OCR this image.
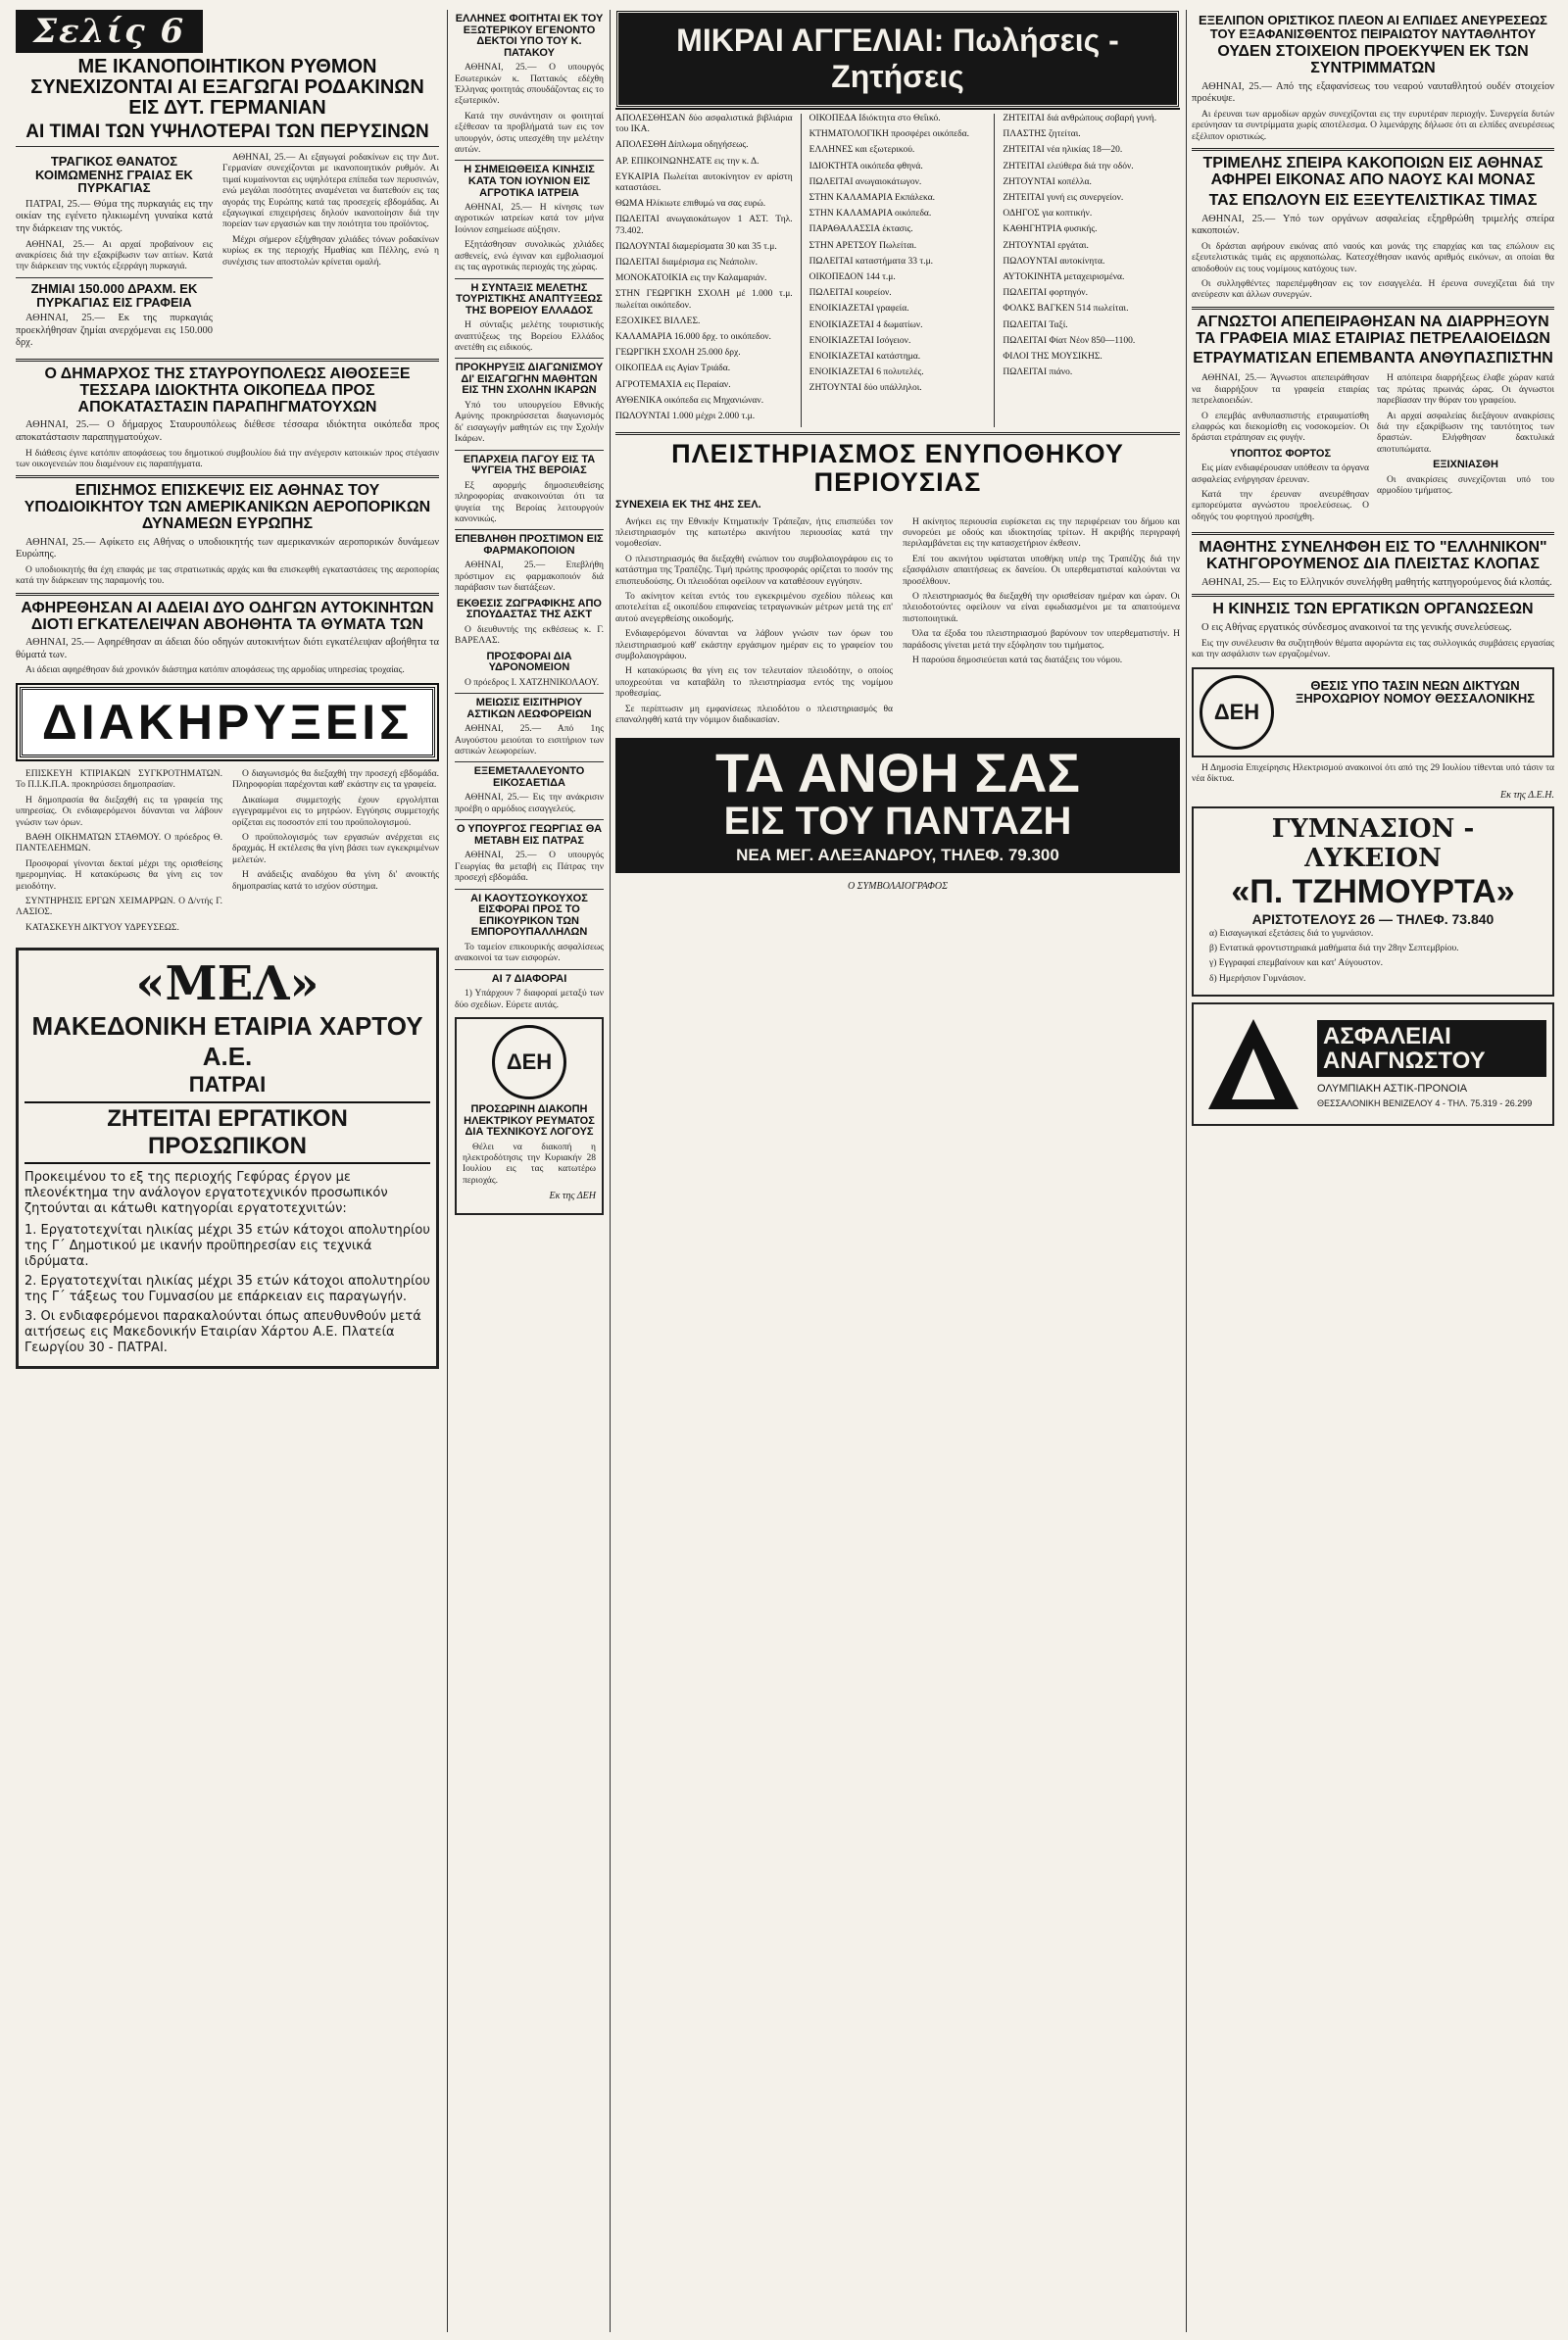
Σελίς 6
ΜΕ ΙΚΑΝΟΠΟΙΗΤΙΚΟΝ ΡΥΘΜΟΝ ΣΥΝΕΧΙΖΟΝΤΑΙ ΑΙ ΕΞΑΓΩΓΑΙ ΡΟΔΑΚΙΝΩΝ ΕΙΣ ΔΥΤ. ΓΕΡΜΑΝΙΑΝ
ΑΙ ΤΙΜΑΙ ΤΩΝ ΥΨΗΛΟΤΕΡΑΙ ΤΩΝ ΠΕΡΥΣΙΝΩΝ
ΤΡΑΓΙΚΟΣ ΘΑΝΑΤΟΣ ΚΟΙΜΩΜΕΝΗΣ ΓΡΑΙΑΣ ΕΚ ΠΥΡΚΑΓΙΑΣ

ΠΑΤΡΑΙ, 25.— Θύμα της πυρκαγιάς εις την οικίαν της εγένετο ηλικιωμένη γυναίκα κατά την διάρκειαν της νυκτός.

ΑΘΗΝΑΙ, 25.— Αι αρχαί προβαίνουν εις ανακρίσεις διά την εξακρίβωσιν των αιτίων. Κατά την διάρκειαν της νυκτός εξερράγη πυρκαγιά.

ΖΗΜΙΑΙ 150.000 ΔΡΑΧΜ. ΕΚ ΠΥΡΚΑΓΙΑΣ ΕΙΣ ΓΡΑΦΕΙΑ

ΑΘΗΝΑΙ, 25.— Εκ της πυρκαγιάς προεκλήθησαν ζημίαι ανερχόμεναι εις 150.000 δρχ.

ΑΘΗΝΑΙ, 25.— Αι εξαγωγαί ροδακίνων εις την Δυτ. Γερμανίαν συνεχίζονται με ικανοποιητικόν ρυθμόν. Αι τιμαί κυμαίνονται εις υψηλότερα επίπεδα των περυσινών, ενώ μεγάλαι ποσότητες αναμένεται να διατεθούν εις τας αγοράς της Ευρώπης κατά τας προσεχείς εβδομάδας. Αι εξαγωγικαί επιχειρήσεις δηλούν ικανοποίησιν διά την πορείαν των εργασιών και την ποιότητα του προϊόντος.

Μέχρι σήμερον εξήχθησαν χιλιάδες τόνων ροδακίνων κυρίως εκ της περιοχής Ημαθίας και Πέλλης, ενώ η συνέχισις των αποστολών κρίνεται ομαλή.

Ο ΔΗΜΑΡΧΟΣ ΤΗΣ ΣΤΑΥΡΟΥΠΟΛΕΩΣ ΑΙΘΟΣΕΞΕ ΤΕΣΣΑΡΑ ΙΔΙΟΚΤΗΤΑ ΟΙΚΟΠΕΔΑ ΠΡΟΣ ΑΠΟΚΑΤΑΣΤΑΣΙΝ ΠΑΡΑΠΗΓΜΑΤΟΥΧΩΝ

ΑΘΗΝΑΙ, 25.— Ο δήμαρχος Σταυρουπόλεως διέθεσε τέσσαρα ιδιόκτητα οικόπεδα προς αποκατάστασιν παραπηγματούχων.

Η διάθεσις έγινε κατόπιν αποφάσεως του δημοτικού συμβουλίου διά την ανέγερσιν κατοικιών προς στέγασιν των οικογενειών που διαμένουν εις παραπήγματα.

ΕΠΙΣΗΜΟΣ ΕΠΙΣΚΕΨΙΣ ΕΙΣ ΑΘΗΝΑΣ ΤΟΥ ΥΠΟΔΙΟΙΚΗΤΟΥ ΤΩΝ ΑΜΕΡΙΚΑΝΙΚΩΝ ΑΕΡΟΠΟΡΙΚΩΝ ΔΥΝΑΜΕΩΝ ΕΥΡΩΠΗΣ

ΑΘΗΝΑΙ, 25.— Αφίκετο εις Αθήνας ο υποδιοικητής των αμερικανικών αεροπορικών δυνάμεων Ευρώπης.

Ο υποδιοικητής θα έχη επαφάς με τας στρατιωτικάς αρχάς και θα επισκεφθή εγκαταστάσεις της αεροπορίας κατά την διάρκειαν της παραμονής του.

ΑΦΗΡΕΘΗΣΑΝ ΑΙ ΑΔΕΙΑΙ ΔΥΟ ΟΔΗΓΩΝ ΑΥΤΟΚΙΝΗΤΩΝ ΔΙΟΤΙ ΕΓΚΑΤΕΛΕΙΨΑΝ ΑΒΟΗΘΗΤΑ ΤΑ ΘΥΜΑΤΑ ΤΩΝ

ΑΘΗΝΑΙ, 25.— Αφηρέθησαν αι άδειαι δύο οδηγών αυτοκινήτων διότι εγκατέλειψαν αβοήθητα τα θύματά των.

Αι άδειαι αφηρέθησαν διά χρονικόν διάστημα κατόπιν αποφάσεως της αρμοδίας υπηρεσίας τροχαίας.

ΔΙΑΚΗΡΥΞΕΙΣ

ΕΠΙΣΚΕΥΗ ΚΤΙΡΙΑΚΩΝ ΣΥΓΚΡΟΤΗΜΑΤΩΝ. Το Π.Ι.Κ.Π.Α. προκηρύσσει δημοπρασίαν.

Η δημοπρασία θα διεξαχθή εις τα γραφεία της υπηρεσίας. Οι ενδιαφερόμενοι δύνανται να λάβουν γνώσιν των όρων.

ΒΑΘΗ ΟΙΚΗΜΑΤΩΝ ΣΤΑΘΜΟΥ. Ο πρόεδρος Θ. ΠΑΝΤΕΛΕΗΜΩΝ.

Προσφοραί γίνονται δεκταί μέχρι της ορισθείσης ημερομηνίας. Η κατακύρωσις θα γίνη εις τον μειοδότην.

ΣΥΝΤΗΡΗΣΙΣ ΕΡΓΩΝ ΧΕΙΜΑΡΡΩΝ. Ο Δ/ντής Γ. ΛΑΣΙΟΣ.

ΚΑΤΑΣΚΕΥΗ ΔΙΚΤΥΟΥ ΥΔΡΕΥΣΕΩΣ.

Ο διαγωνισμός θα διεξαχθή την προσεχή εβδομάδα. Πληροφορίαι παρέχονται καθ' εκάστην εις τα γραφεία.

Δικαίωμα συμμετοχής έχουν εργολήπται εγγεγραμμένοι εις το μητρώον. Εγγύησις συμμετοχής ορίζεται εις ποσοστόν επί του προϋπολογισμού.

Ο προϋπολογισμός των εργασιών ανέρχεται εις δραχμάς. Η εκτέλεσις θα γίνη βάσει των εγκεκριμένων μελετών.

Η ανάδειξις αναδόχου θα γίνη δι' ανοικτής δημοπρασίας κατά το ισχύον σύστημα.

«ΜΕΛ»
ΜΑΚΕΔΟΝΙΚΗ ΕΤΑΙΡΙΑ ΧΑΡΤΟΥ Α.Ε.
ΠΑΤΡΑΙ
ΖΗΤΕΙΤΑΙ ΕΡΓΑΤΙΚΟΝ ΠΡΟΣΩΠΙΚΟΝ

Προκειμένου το εξ της περιοχής Γεφύρας έργον με πλεονέκτημα την ανάλογον εργατοτεχνικόν προσωπικόν ζητούνται αι κάτωθι κατηγορίαι εργατοτεχνιτών:

1. Εργατοτεχνίται ηλικίας μέχρι 35 ετών κάτοχοι απολυτηρίου της Γ΄ Δημοτικού με ικανήν προϋπηρεσίαν εις τεχνικά ιδρύματα.

2. Εργατοτεχνίται ηλικίας μέχρι 35 ετών κάτοχοι απολυτηρίου της Γ΄ τάξεως του Γυμνασίου με επάρκειαν εις παραγωγήν.

3. Οι ενδιαφερόμενοι παρακαλούνται όπως απευθυνθούν μετά αιτήσεως εις Μακεδονικήν Εταιρίαν Χάρτου Α.Ε. Πλατεία Γεωργίου 30 - ΠΑΤΡΑΙ.

ΕΛΛΗΝΕΣ ΦΟΙΤΗΤΑΙ ΕΚ ΤΟΥ ΕΞΩΤΕΡΙΚΟΥ ΕΓΕΝΟΝΤΟ ΔΕΚΤΟΙ ΥΠΟ ΤΟΥ Κ. ΠΑΤΑΚΟΥ

ΑΘΗΝΑΙ, 25.— Ο υπουργός Εσωτερικών κ. Παττακός εδέχθη Έλληνας φοιτητάς σπουδάζοντας εις το εξωτερικόν.

Κατά την συνάντησιν οι φοιτηταί εξέθεσαν τα προβλήματά των εις τον υπουργόν, όστις υπεσχέθη την μελέτην αυτών.

Η ΣΗΜΕΙΩΘΕΙΣΑ ΚΙΝΗΣΙΣ ΚΑΤΑ ΤΟΝ ΙΟΥΝΙΟΝ ΕΙΣ ΑΓΡΟΤΙΚΑ ΙΑΤΡΕΙΑ

ΑΘΗΝΑΙ, 25.— Η κίνησις των αγροτικών ιατρείων κατά τον μήνα Ιούνιον εσημείωσε αύξησιν.

Εξητάσθησαν συνολικώς χιλιάδες ασθενείς, ενώ έγιναν και εμβολιασμοί εις τας αγροτικάς περιοχάς της χώρας.

Η ΣΥΝΤΑΞΙΣ ΜΕΛΕΤΗΣ ΤΟΥΡΙΣΤΙΚΗΣ ΑΝΑΠΤΥΞΕΩΣ ΤΗΣ ΒΟΡΕΙΟΥ ΕΛΛΑΔΟΣ

Η σύνταξις μελέτης τουριστικής αναπτύξεως της Βορείου Ελλάδος ανετέθη εις ειδικούς.

ΠΡΟΚΗΡΥΞΙΣ ΔΙΑΓΩΝΙΣΜΟΥ ΔΙ' ΕΙΣΑΓΩΓΗΝ ΜΑΘΗΤΩΝ ΕΙΣ ΤΗΝ ΣΧΟΛΗΝ ΙΚΑΡΩΝ

Υπό του υπουργείου Εθνικής Αμύνης προκηρύσσεται διαγωνισμός δι' εισαγωγήν μαθητών εις την Σχολήν Ικάρων.

ΕΠΑΡΧΕΙΑ ΠΑΓΟΥ ΕΙΣ ΤΑ ΨΥΓΕΙΑ ΤΗΣ ΒΕΡΟΙΑΣ

Εξ αφορμής δημοσιευθείσης πληροφορίας ανακοινούται ότι τα ψυγεία της Βεροίας λειτουργούν κανονικώς.

ΕΠΕΒΛΗΘΗ ΠΡΟΣΤΙΜΟΝ ΕΙΣ ΦΑΡΜΑΚΟΠΟΙΟΝ

ΑΘΗΝΑΙ, 25.— Επεβλήθη πρόστιμον εις φαρμακοποιόν διά παράβασιν των διατάξεων.

ΕΚΘΕΣΙΣ ΖΩΓΡΑΦΙΚΗΣ ΑΠΟ ΣΠΟΥΔΑΣΤΑΣ ΤΗΣ ΑΣΚΤ

Ο διευθυντής της εκθέσεως κ. Γ. ΒΑΡΕΛΑΣ.

ΠΡΟΣΦΟΡΑΙ ΔΙΑ ΥΔΡΟΝΟΜΕΙΟΝ

Ο πρόεδρος Ι. ΧΑΤΖΗΝΙΚΟΛΑΟΥ.

ΜΕΙΩΣΙΣ ΕΙΣΙΤΗΡΙΟΥ ΑΣΤΙΚΩΝ ΛΕΩΦΟΡΕΙΩΝ

ΑΘΗΝΑΙ, 25.— Από 1ης Αυγούστου μειούται το εισιτήριον των αστικών λεωφορείων.

ΕΞΕΜΕΤΑΛΛΕΥΟΝΤΟ ΕΙΚΟΣΑΕΤΙΔΑ

ΑΘΗΝΑΙ, 25.— Εις την ανάκρισιν προέβη ο αρμόδιος εισαγγελεύς.

Ο ΥΠΟΥΡΓΟΣ ΓΕΩΡΓΙΑΣ ΘΑ ΜΕΤΑΒΗ ΕΙΣ ΠΑΤΡΑΣ

ΑΘΗΝΑΙ, 25.— Ο υπουργός Γεωργίας θα μεταβή εις Πάτρας την προσεχή εβδομάδα.

ΑΙ ΚΑΟΥΤΣΟΥΚΟΥΧΟΣ ΕΙΣΦΟΡΑΙ ΠΡΟΣ ΤΟ ΕΠΙΚΟΥΡΙΚΟΝ ΤΩΝ ΕΜΠΟΡΟΥΠΑΛΛΗΛΩΝ

Το ταμείον επικουρικής ασφαλίσεως ανακοινοί τα των εισφορών.

ΑΙ 7 ΔΙΑΦΟΡΑΙ

1) Υπάρχουν 7 διαφοραί μεταξύ των δύο σχεδίων. Εύρετε αυτάς.

ΔΕΗ
ΠΡΟΣΩΡΙΝΗ ΔΙΑΚΟΠΗ ΗΛΕΚΤΡΙΚΟΥ ΡΕΥΜΑΤΟΣ ΔΙΑ ΤΕΧΝΙΚΟΥΣ ΛΟΓΟΥΣ

Θέλει να διακοπή η ηλεκτροδότησις την Κυριακήν 28 Ιουλίου εις τας κατωτέρω περιοχάς.

Εκ της ΔΕΗ
ΜΙΚΡΑΙ ΑΓΓΕΛΙΑΙ: Πωλήσεις - Ζητήσεις

ΑΠΟΛΕΣΘΗΣΑΝ δύο ασφαλιστικά βιβλιάρια του ΙΚΑ.

ΑΠΟΛΕΣΘΗ Δίπλωμα οδηγήσεως.

ΑΡ. ΕΠΙΚΟΙΝΩΝΗΣΑΤΕ εις την κ. Δ.

ΕΥΚΑΙΡΙΑ Πωλείται αυτοκίνητον εν αρίστη καταστάσει.

ΘΩΜΑ Ηλίκιωτε επιθυμώ να σας ευρώ.

ΠΩΛΕΙΤΑΙ ανωγαιοκάτωγον 1 ΑΣΤ. Τηλ. 73.402.

ΠΩΛΟΥΝΤΑΙ διαμερίσματα 30 και 35 τ.μ.

ΠΩΛΕΙΤΑΙ διαμέρισμα εις Νεάπολιν.

ΜΟΝΟΚΑΤΟΙΚΙΑ εις την Καλαμαριάν.

ΣΤΗΝ ΓΕΩΡΓΙΚΗ ΣΧΟΛΗ μέ 1.000 τ.μ. πωλείται οικόπεδον.

ΕΞΟΧΙΚΕΣ ΒΙΛΛΕΣ.

ΚΑΛΑΜΑΡΙΑ 16.000 δρχ. το οικόπεδον.

ΓΕΩΡΓΙΚΗ ΣΧΟΛΗ 25.000 δρχ.

ΟΙΚΟΠΕΔΑ εις Αγίαν Τριάδα.

ΑΓΡΟΤΕΜΑΧΙΑ εις Περαίαν.

ΑΥΘΕΝΙΚΑ οικόπεδα εις Μηχανιώναν.

ΠΩΛΟΥΝΤΑΙ 1.000 μέχρι 2.000 τ.μ.

ΟΙΚΟΠΕΔΑ Ιδιόκτητα στο Θεΐικό.

ΚΤΗΜΑΤΟΛΟΓΙΚΗ προσφέρει οικόπεδα.

ΕΛΛΗΝΕΣ και εξωτερικού.

ΙΔΙΟΚΤΗΤΑ οικόπεδα φθηνά.

ΠΩΛΕΙΤΑΙ ανωγαιοκάτωγον.

ΣΤΗΝ ΚΑΛΑΜΑΡΙΑ Εκπάλεκα.

ΣΤΗΝ ΚΑΛΑΜΑΡΙΑ οικόπεδα.

ΠΑΡΑΘΑΛΑΣΣΙΑ έκτασις.

ΣΤΗΝ ΑΡΕΤΣΟΥ Πωλείται.

ΠΩΛΕΙΤΑΙ καταστήματα 33 τ.μ.

ΟΙΚΟΠΕΔΟΝ 144 τ.μ.

ΠΩΛΕΙΤΑΙ κουρείον.

ΕΝΟΙΚΙΑΖΕΤΑΙ γραφεία.

ΕΝΟΙΚΙΑΖΕΤΑΙ 4 δωματίων.

ΕΝΟΙΚΙΑΖΕΤΑΙ Ισόγειον.

ΕΝΟΙΚΙΑΖΕΤΑΙ κατάστημα.

ΕΝΟΙΚΙΑΖΕΤΑΙ 6 πολυτελές.

ΖΗΤΟΥΝΤΑΙ δύο υπάλληλοι.

ΖΗΤΕΙΤΑΙ διά ανθρώπους σοβαρή γυνή.

ΠΛΑΣΤΗΣ ζητείται.

ΖΗΤΕΙΤΑΙ νέα ηλικίας 18—20.

ΖΗΤΕΙΤΑΙ ελεύθερα διά την οδόν.

ΖΗΤΟΥΝΤΑΙ κοπέλλα.

ΖΗΤΕΙΤΑΙ γυνή εις συνεργείον.

ΟΔΗΓΟΣ για κοπτικήν.

ΚΑΘΗΓΗΤΡΙΑ φυσικής.

ΖΗΤΟΥΝΤΑΙ εργάται.

ΠΩΛΟΥΝΤΑΙ αυτοκίνητα.

ΑΥΤΟΚΙΝΗΤΑ μεταχειρισμένα.

ΠΩΛΕΙΤΑΙ φορτηγόν.

ΦΟΛΚΣ ΒΑΓΚΕΝ 514 πωλείται.

ΠΩΛΕΙΤΑΙ Ταξί.

ΠΩΛΕΙΤΑΙ Φίατ Νέον 850—1100.

ΦΙΛΟΙ ΤΗΣ ΜΟΥΣΙΚΗΣ.

ΠΩΛΕΙΤΑΙ πιάνο.

ΠΛΕΙΣΤΗΡΙΑΣΜΟΣ ΕΝΥΠΟΘΗΚΟΥ ΠΕΡΙΟΥΣΙΑΣ
ΣΥΝΕΧΕΙΑ ΕΚ ΤΗΣ 4ΗΣ ΣΕΛ.

Ανήκει εις την Εθνικήν Κτηματικήν Τράπεζαν, ήτις επισπεύδει τον πλειστηριασμόν της κατωτέρω ακινήτου περιουσίας κατά την νομοθεσίαν.

Ο πλειστηριασμός θα διεξαχθή ενώπιον του συμβολαιογράφου εις το κατάστημα της Τραπέζης. Τιμή πρώτης προσφοράς ορίζεται το ποσόν της επισπευδούσης. Οι πλειοδόται οφείλουν να καταθέσουν εγγύησιν.

Το ακίνητον κείται εντός του εγκεκριμένου σχεδίου πόλεως και αποτελείται εξ οικοπέδου επιφανείας τετραγωνικών μέτρων μετά της επ' αυτού ανεγερθείσης οικοδομής.

Ενδιαφερόμενοι δύνανται να λάβουν γνώσιν των όρων του πλειστηριασμού καθ' εκάστην εργάσιμον ημέραν εις το γραφείον του συμβολαιογράφου.

Η κατακύρωσις θα γίνη εις τον τελευταίον πλειοδότην, ο οποίος υποχρεούται να καταβάλη το πλειστηρίασμα εντός της νομίμου προθεσμίας.

Σε περίπτωσιν μη εμφανίσεως πλειοδότου ο πλειστηριασμός θα επαναληφθή κατά την νόμιμον διαδικασίαν.

Η ακίνητος περιουσία ευρίσκεται εις την περιφέρειαν του δήμου και συνορεύει με οδούς και ιδιοκτησίας τρίτων. Η ακριβής περιγραφή περιλαμβάνεται εις την κατασχετήριον έκθεσιν.

Επί του ακινήτου υφίσταται υποθήκη υπέρ της Τραπέζης διά την εξασφάλισιν απαιτήσεως εκ δανείου. Οι υπερθεματισταί καλούνται να προσέλθουν.

Ο πλειστηριασμός θα διεξαχθή την ορισθείσαν ημέραν και ώραν. Οι πλειοδοτούντες οφείλουν να είναι εφωδιασμένοι με τα απαιτούμενα πιστοποιητικά.

Όλα τα έξοδα του πλειστηριασμού βαρύνουν τον υπερθεματιστήν. Η παράδοσις γίνεται μετά την εξόφλησιν του τιμήματος.

Η παρούσα δημοσιεύεται κατά τας διατάξεις του νόμου.

ΤΑ ΑΝΘΗ ΣΑΣ
ΕΙΣ ΤΟΥ ΠΑΝΤΑΖΗ
ΝΕΑ ΜΕΓ. ΑΛΕΞΑΝΔΡΟΥ, ΤΗΛΕΦ. 79.300
Ο ΣΥΜΒΟΛΑΙΟΓΡΑΦΟΣ
ΕΞΕΛΙΠΟΝ ΟΡΙΣΤΙΚΟΣ ΠΛΕΟΝ ΑΙ ΕΛΠΙΔΕΣ ΑΝΕΥΡΕΣΕΩΣ ΤΟΥ ΕΞΑΦΑΝΙΣΘΕΝΤΟΣ ΠΕΙΡΑΙΩΤΟΥ ΝΑΥΤΑΘΛΗΤΟΥ
ΟΥΔΕΝ ΣΤΟΙΧΕΙΟΝ ΠΡΟΕΚΥΨΕΝ ΕΚ ΤΩΝ ΣΥΝΤΡΙΜΜΑΤΩΝ

ΑΘΗΝΑΙ, 25.— Από της εξαφανίσεως του νεαρού ναυταθλητού ουδέν στοιχείον προέκυψε.

Αι έρευναι των αρμοδίων αρχών συνεχίζονται εις την ευρυτέραν περιοχήν. Συνεργεία δυτών ερεύνησαν τα συντρίμματα χωρίς αποτέλεσμα. Ο λιμενάρχης δήλωσε ότι αι ελπίδες ανευρέσεως εξέλιπον οριστικώς.

ΤΡΙΜΕΛΗΣ ΣΠΕΙΡΑ ΚΑΚΟΠΟΙΩΝ ΕΙΣ ΑΘΗΝΑΣ ΑΦΗΡΕΙ ΕΙΚΟΝΑΣ ΑΠΟ ΝΑΟΥΣ ΚΑΙ ΜΟΝΑΣ
ΤΑΣ ΕΠΩΛΟΥΝ ΕΙΣ ΕΞΕΥΤΕΛΙΣΤΙΚΑΣ ΤΙΜΑΣ

ΑΘΗΝΑΙ, 25.— Υπό των οργάνων ασφαλείας εξηρθρώθη τριμελής σπείρα κακοποιών.

Οι δράσται αφήρουν εικόνας από ναούς και μονάς της επαρχίας και τας επώλουν εις εξευτελιστικάς τιμάς εις αρχαιοπώλας. Κατεσχέθησαν ικανός αριθμός εικόνων, αι οποίαι θα αποδοθούν εις τους νομίμους κατόχους των.

Οι συλληφθέντες παρεπέμφθησαν εις τον εισαγγελέα. Η έρευνα συνεχίζεται διά την ανεύρεσιν και άλλων συνεργών.

ΑΓΝΩΣΤΟΙ ΑΠΕΠΕΙΡΑΘΗΣΑΝ ΝΑ ΔΙΑΡΡΗΞΟΥΝ ΤΑ ΓΡΑΦΕΙΑ ΜΙΑΣ ΕΤΑΙΡΙΑΣ ΠΕΤΡΕΛΑΙΟΕΙΔΩΝ
ΕΤΡΑΥΜΑΤΙΣΑΝ ΕΠΕΜΒΑΝΤΑ ΑΝΘΥΠΑΣΠΙΣΤΗΝ

ΑΘΗΝΑΙ, 25.— Άγνωστοι απεπειράθησαν να διαρρήξουν τα γραφεία εταιρίας πετρελαιοειδών.

Ο επεμβάς ανθυπασπιστής ετραυματίσθη ελαφρώς και διεκομίσθη εις νοσοκομείον. Οι δράσται ετράπησαν εις φυγήν.

ΥΠΟΠΤΟΣ ΦΟΡΤΟΣ

Εις μίαν ενδιαφέρουσαν υπόθεσιν τα όργανα ασφαλείας ενήργησαν έρευναν.

Κατά την έρευναν ανευρέθησαν εμπορεύματα αγνώστου προελεύσεως. Ο οδηγός του φορτηγού προσήχθη.

Η απόπειρα διαρρήξεως έλαβε χώραν κατά τας πρώτας πρωινάς ώρας. Οι άγνωστοι παρεβίασαν την θύραν του γραφείου.

Αι αρχαί ασφαλείας διεξάγουν ανακρίσεις διά την εξακρίβωσιν της ταυτότητος των δραστών. Ελήφθησαν δακτυλικά αποτυπώματα.

ΕΞΙΧΝΙΑΣΘΗ

Οι ανακρίσεις συνεχίζονται υπό του αρμοδίου τμήματος.

ΜΑΘΗΤΗΣ ΣΥΝΕΛΗΦΘΗ ΕΙΣ ΤΟ "ΕΛΛΗΝΙΚΟΝ" ΚΑΤΗΓΟΡΟΥΜΕΝΟΣ ΔΙΑ ΠΛΕΙΣΤΑΣ ΚΛΟΠΑΣ

ΑΘΗΝΑΙ, 25.— Εις το Ελληνικόν συνελήφθη μαθητής κατηγορούμενος διά κλοπάς.

Η ΚΙΝΗΣΙΣ ΤΩΝ ΕΡΓΑΤΙΚΩΝ ΟΡΓΑΝΩΣΕΩΝ

Ο εις Αθήνας εργατικός σύνδεσμος ανακοινοί τα της γενικής συνελεύσεως.

Εις την συνέλευσιν θα συζητηθούν θέματα αφορώντα εις τας συλλογικάς συμβάσεις εργασίας και την ασφάλισιν των εργαζομένων.

ΔΕΗ
ΘΕΣΙΣ ΥΠΟ ΤΑΣΙΝ ΝΕΩΝ ΔΙΚΤΥΩΝ ΞΗΡΟΧΩΡΙΟΥ ΝΟΜΟΥ ΘΕΣΣΑΛΟΝΙΚΗΣ

Η Δημοσία Επιχείρησις Ηλεκτρισμού ανακοινοί ότι από της 29 Ιουλίου τίθενται υπό τάσιν τα νέα δίκτυα.

Εκ της Δ.Ε.Η.
ΓΥΜΝΑΣΙΟΝ - ΛΥΚΕΙΟΝ
«Π. ΤΖΗΜΟΥΡΤΑ»
ΑΡΙΣΤΟΤΕΛΟΥΣ 26 — ΤΗΛΕΦ. 73.840

α) Εισαγωγικαί εξετάσεις διά το γυμνάσιον.

β) Εντατικά φροντιστηριακά μαθήματα διά την 28ην Σεπτεμβρίου.

γ) Εγγραφαί επεμβαίνουν και κατ' Αύγουστον.

δ) Ημερήσιον Γυμνάσιον.

ΑΣΦΑΛΕΙΑΙ ΑΝΑΓΝΩΣΤΟΥ
ΟΛΥΜΠΙΑΚΗ ΑΣΤΙΚ-ΠΡΟΝΟΙΑ
ΘΕΣΣΑΛΟΝΙΚΗ ΒΕΝΙΖΕΛΟΥ 4 - ΤΗΛ. 75.319 - 26.299
